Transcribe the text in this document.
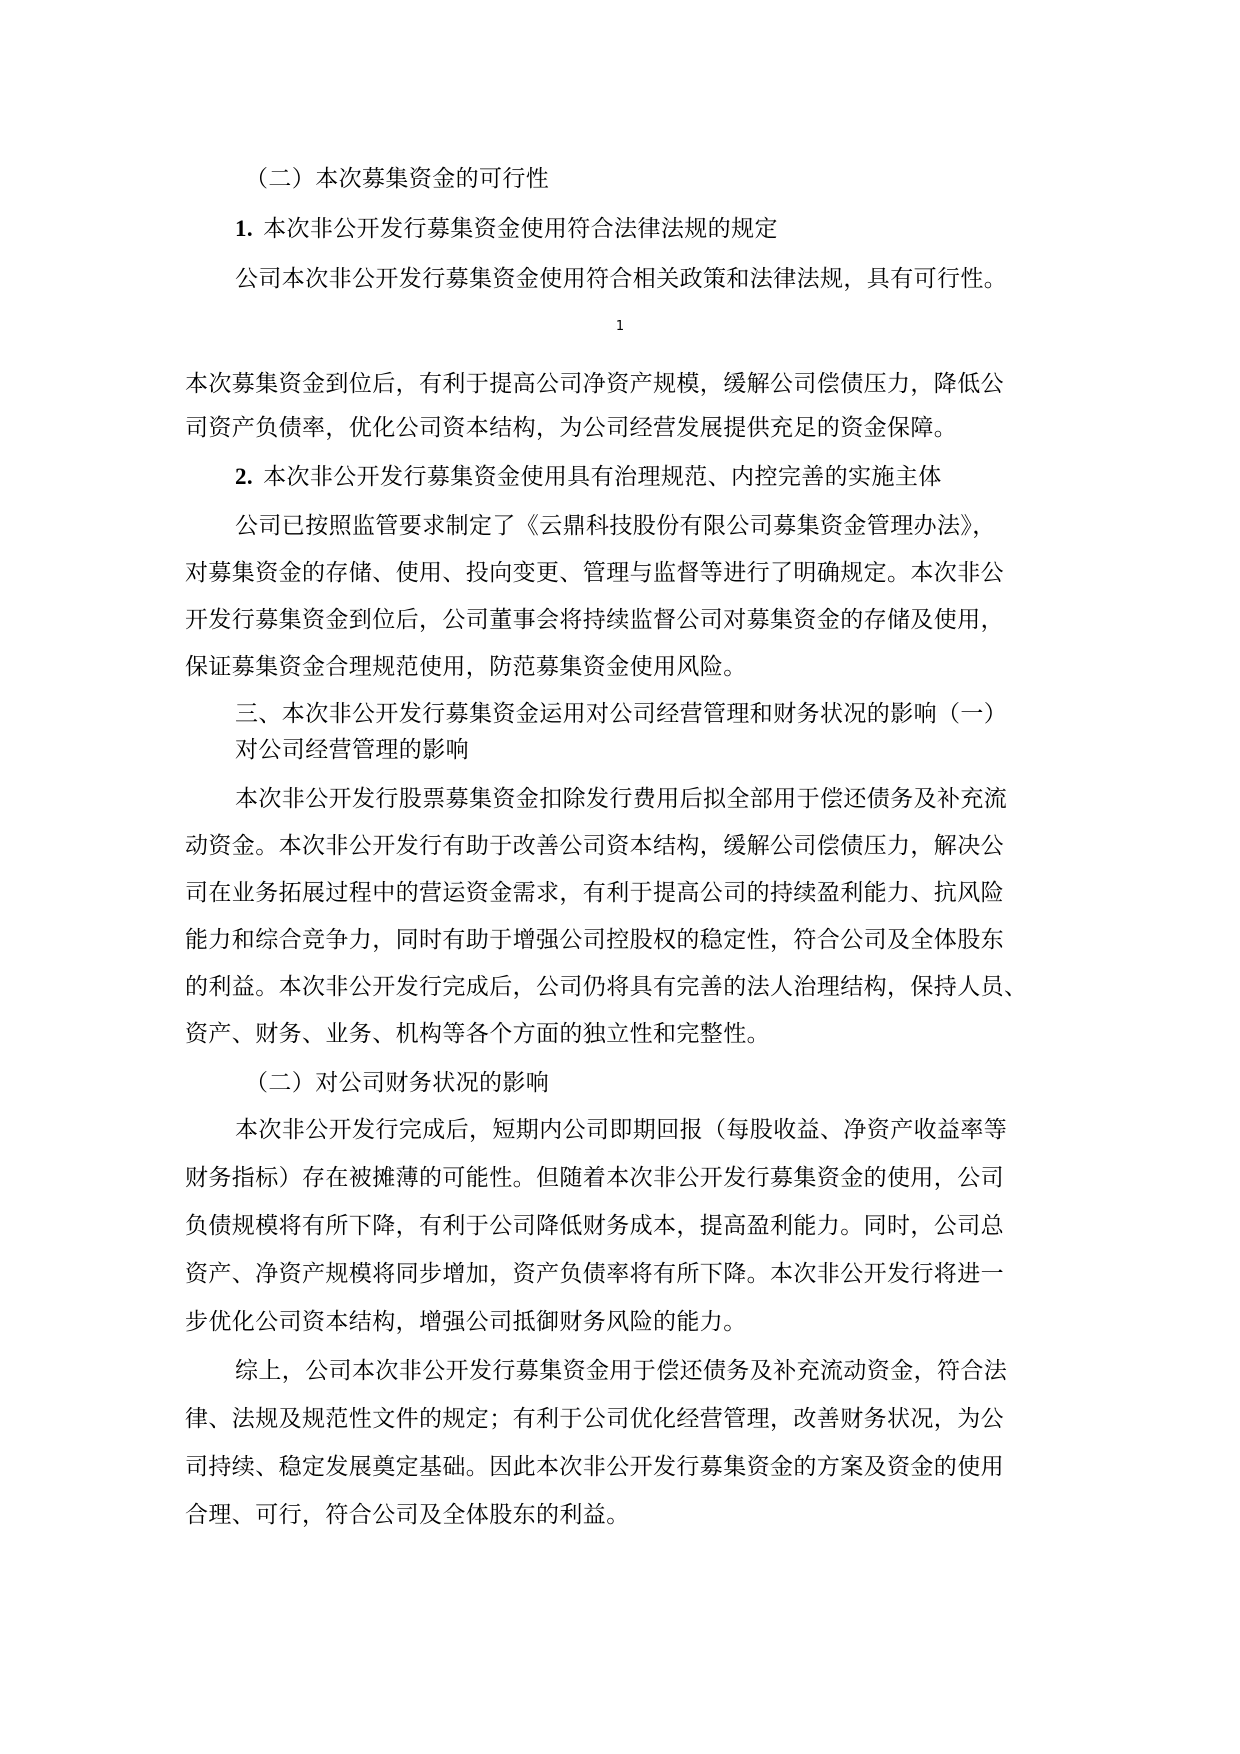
（二）本次募集资金的可行性
1. 本次非公开发行募集资金使用符合法律法规的规定
公司本次非公开发行募集资金使用符合相关政策和法律法规，具有可行性。
1
本次募集资金到位后，有利于提高公司净资产规模，缓解公司偿债压力，降低公
司资产负债率，优化公司资本结构，为公司经营发展提供充足的资金保障。
2. 本次非公开发行募集资金使用具有治理规范、内控完善的实施主体
公司已按照监管要求制定了《云鼎科技股份有限公司募集资金管理办法》，
对募集资金的存储、使用、投向变更、管理与监督等进行了明确规定。本次非公
开发行募集资金到位后，公司董事会将持续监督公司对募集资金的存储及使用，
保证募集资金合理规范使用，防范募集资金使用风险。
三、本次非公开发行募集资金运用对公司经营管理和财务状况的影响（一）
对公司经营管理的影响
本次非公开发行股票募集资金扣除发行费用后拟全部用于偿还债务及补充流
动资金。本次非公开发行有助于改善公司资本结构，缓解公司偿债压力，解决公
司在业务拓展过程中的营运资金需求，有利于提高公司的持续盈利能力、抗风险
能力和综合竞争力，同时有助于增强公司控股权的稳定性，符合公司及全体股东
的利益。本次非公开发行完成后，公司仍将具有完善的法人治理结构，保持人员、
资产、财务、业务、机构等各个方面的独立性和完整性。
（二）对公司财务状况的影响
本次非公开发行完成后，短期内公司即期回报（每股收益、净资产收益率等
财务指标）存在被摊薄的可能性。但随着本次非公开发行募集资金的使用，公司
负债规模将有所下降，有利于公司降低财务成本，提高盈利能力。同时，公司总
资产、净资产规模将同步增加，资产负债率将有所下降。本次非公开发行将进一
步优化公司资本结构，增强公司抵御财务风险的能力。
综上，公司本次非公开发行募集资金用于偿还债务及补充流动资金，符合法
律、法规及规范性文件的规定；有利于公司优化经营管理，改善财务状况，为公
司持续、稳定发展奠定基础。因此本次非公开发行募集资金的方案及资金的使用
合理、可行，符合公司及全体股东的利益。
